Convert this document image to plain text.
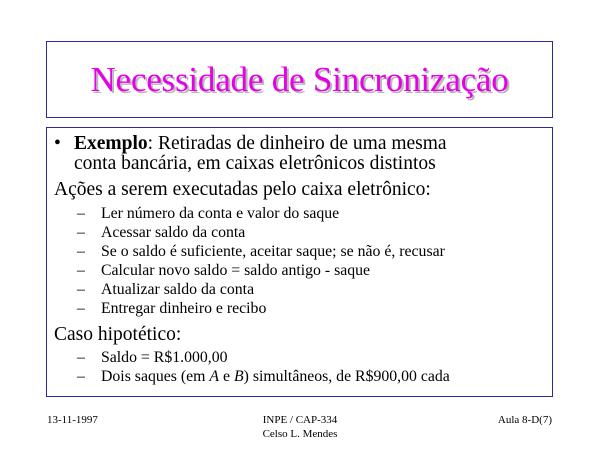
Necessidade de Sincronização
• Exemplo: Retiradas de dinheiro de uma mesma
conta bancária, em caixas eletrônicos distintos
Ações a serem executadas pelo caixa eletrônico:
– Ler número da conta e valor do saque
– Acessar saldo da conta
– Se o saldo é suficiente, aceitar saque; se não é, recusar
– Calcular novo saldo = saldo antigo - saque
– Atualizar saldo da conta
– Entregar dinheiro e recibo
Caso hipotético:
– Saldo = R$1.000,00
– Dois saques (em A e B) simultâneos, de R$900,00 cada
13-11-1997	INPE / CAP-334
Celso L. Mendes
Aula 8-D(7)
